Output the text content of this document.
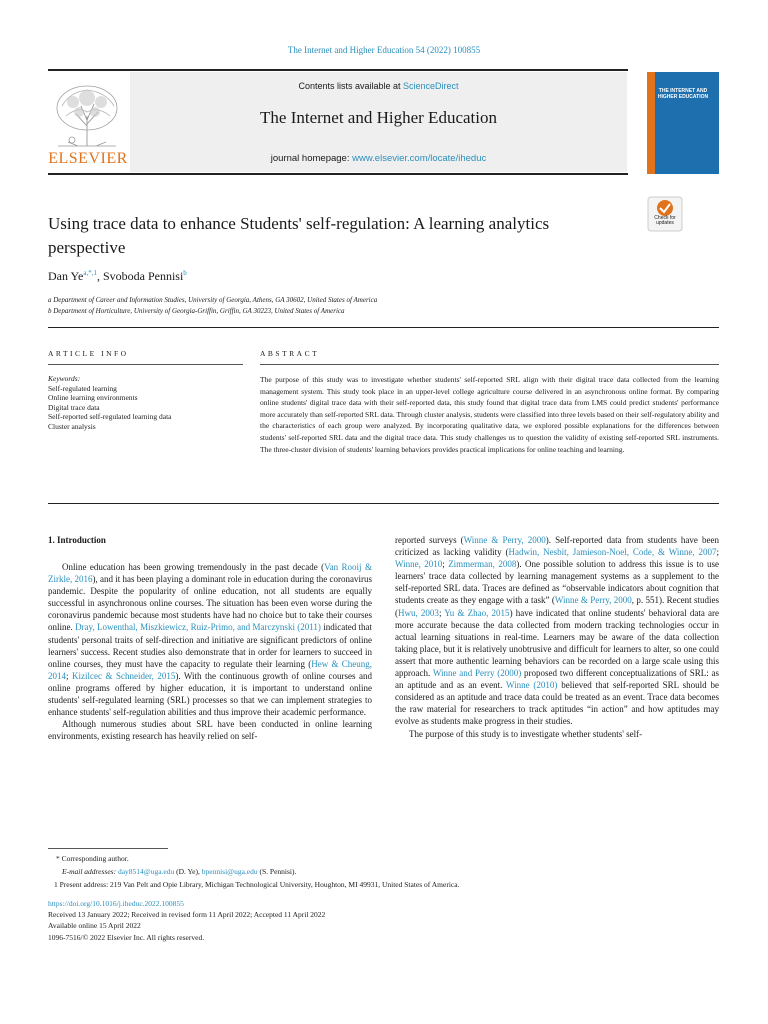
The Internet and Higher Education 54 (2022) 100855
ELSEVIER
Contents lists available at ScienceDirect
The Internet and Higher Education
journal homepage: www.elsevier.com/locate/iheduc
THE INTERNET AND HIGHER EDUCATION
Using trace data to enhance Students' self-regulation: A learning analytics perspective
Check for updates
Dan $Ye^{a,*,1}$, Svoboda Pennisi$^b$
a Department of Career and Information Studies, University of Georgia, Athens, GA 30602, United States of America
b Department of Horticulture, University of Georgia-Griffin, Griffin, GA 30223, United States of America
ARTICLE INFO	ABSTRACT
Keywords:
Self-regulated learning
Online learning environments
Digital trace data
Self-reported self-regulated learning data
Cluster analysis
The purpose of this study was to investigate whether students' self-reported SRL align with their digital trace data collected from the learning management system. This study took place in an upper-level college agriculture course delivered in an asynchronous online format. By comparing online students' digital trace data with their self-reported data, this study found that digital trace data from LMS could predict students' performance more accurately than self-reported SRL data. Through cluster analysis, students were classified into three levels based on their self-regulatory ability and the characteristics of each group were analyzed. By incorporating qualitative data, we explored possible explanations for the differences between students' self-reported SRL data and the digital trace data. This study challenges us to question the validity of existing self-reported SRL instruments. The three-cluster division of students' learning behaviors provides practical implications for online teaching and learning.
1. Introduction

Online education has been growing tremendously in the past decade (Van Rooij & Zirkle, 2016), and it has been playing a dominant role in education during the coronavirus pandemic. Despite the popularity of online education, not all students are equally successful in asynchronous online courses. The situation has been even worse during the coronavirus pandemic because most students have had no choice but to take their courses online. Dray, Lowenthal, Miszkiewicz, Ruiz-Primo, and Marczynski (2011) indicated that students' personal traits of self-direction and initiative are significant predictors of online learners' success. Recent studies also demonstrate that in order for learners to succeed in online courses, they must have the capacity to regulate their learning (Hew & Cheung, 2014; Kizilcec & Schneider, 2015). With the continuous growth of online courses and online programs offered by higher education, it is important to understand online students' self-regulated learning (SRL) processes so that we can implement strategies to enhance students' self-regulation abilities and thus improve their academic performance.

Although numerous studies about SRL have been conducted in online learning environments, existing research has heavily relied on self-

reported surveys (Winne & Perry, 2000). Self-reported data from students have been criticized as lacking validity (Hadwin, Nesbit, Jamieson-Noel, Code, & Winne, 2007; Winne, 2010; Zimmerman, 2008). One possible solution to address this issue is to use learners' trace data collected by learning management systems as a supplement to the self-reported SRL data. Traces are defined as “observable indicators about cognition that students create as they engage with a task” (Winne & Perry, 2000, p. 551). Recent studies (Hwu, 2003; Yu & Zhao, 2015) have indicated that online students' behavioral data are more accurate because the data collected from modern tracking technologies occur in actual learning situations in real-time. Learners may be aware of the data collection taking place, but it is relatively unobtrusive and difficult for learners to alter, so one could assert that more authentic learning behaviors can be recorded on a large scale using this approach. Winne and Perry (2000) proposed two different conceptualizations of SRL: as an aptitude and as an event. Winne (2010) believed that self-reported SRL should be considered as an aptitude and trace data could be treated as an event. Trace data becomes the raw material for researchers to track aptitudes “in action” and how aptitudes may evolve as students make progress in their studies.

The purpose of this study is to investigate whether students' self-

* Corresponding author.
E-mail addresses: day8514@uga.edu (D. Ye), bpennisi@uga.edu (S. Pennisi).
1 Present address: 219 Van Pelt and Opie Library, Michigan Technological University, Houghton, MI 49931, United States of America.
https://doi.org/10.1016/j.iheduc.2022.100855
Received 13 January 2022; Received in revised form 11 April 2022; Accepted 11 April 2022
Available online 15 April 2022
1096-7516/© 2022 Elsevier Inc. All rights reserved.
